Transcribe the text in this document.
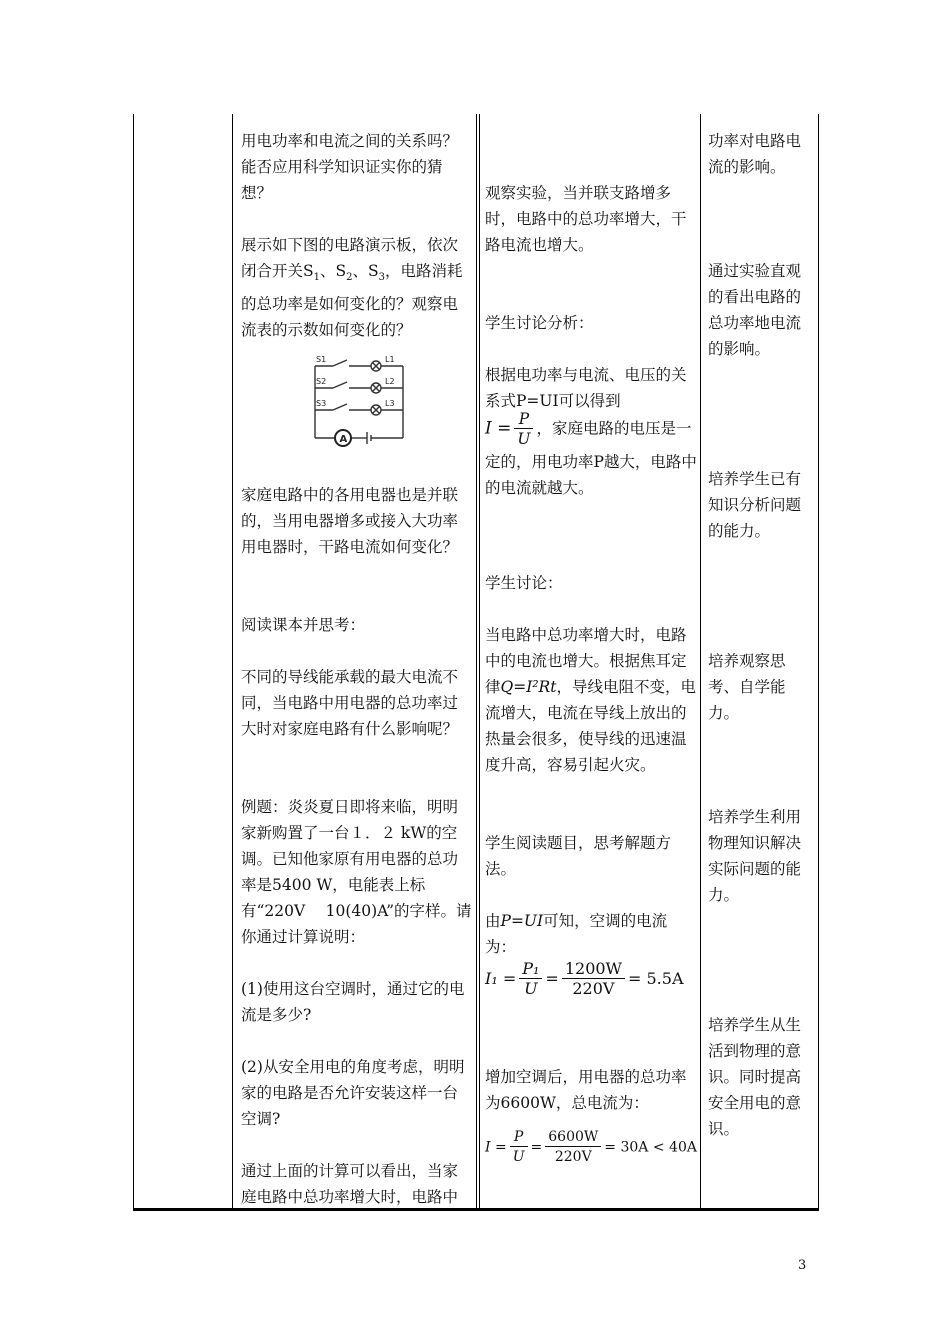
用电功率和电流之间的关系吗？能否应用科学知识证实你的猜想？

展示如下图的电路演示板，依次闭合开关$S_1$、$S_2$、$S_3$，电路消耗的总功率是如何变化的？观察电流表的示数如何变化的？

S1
S2
S3
L1
L2
L3
A

家庭电路中的各用电器也是并联的，当用电器增多或接入大功率用电器时，干路电流如何变化？

阅读课本并思考：

不同的导线能承载的最大电流不同，当电路中用电器的总功率过大时对家庭电路有什么影响呢？

例题：炎炎夏日即将来临，明明家新购置了一台１．２ kW的空调。已知他家原有用电器的总功率是5400 W，电能表上标有“220V　 10(40)A”的字样。请你通过计算说明：

(1)使用这台空调时，通过它的电流是多少?

(2)从安全用电的角度考虑，明明家的电路是否允许安装这样一台空调?

通过上面的计算可以看出，当家庭电路中总功率增大时，电路中

观察实验，当并联支路增多时，电路中的总功率增大，干路电流也增大。

学生讨论分析：

根据电功率与电流、电压的关系式P=UI可以得到

$I = \frac{P}{U}$ ，家庭电路的电压是一定的，用电功率P越大，电路中的电流就越大。

学生讨论：

当电路中总功率增大时，电路中的电流也增大。根据焦耳定律Q=I²Rt，导线电阻不变，电流增大，电流在导线上放出的热量会很多，使导线的迅速温度升高，容易引起火灾。

学生阅读题目，思考解题方法。

由P=UI可知，空调的电流为：

$I_1 = \frac{\text{P₁}}{U} = \frac{1200W}{220V} = 5.5A$

增加空调后，用电器的总功率为6600W，总电流为：

$I = \frac{P}{U} = \frac{6600W}{220V} = 30A < 40A$

功率对电路电流的影响。

通过实验直观的看出电路的总功率地电流的影响。

培养学生已有知识分析问题的能力。

培养观察思考、自学能力。

培养学生利用物理知识解决实际问题的能力。

培养学生从生活到物理的意识。同时提高安全用电的意识。

3
